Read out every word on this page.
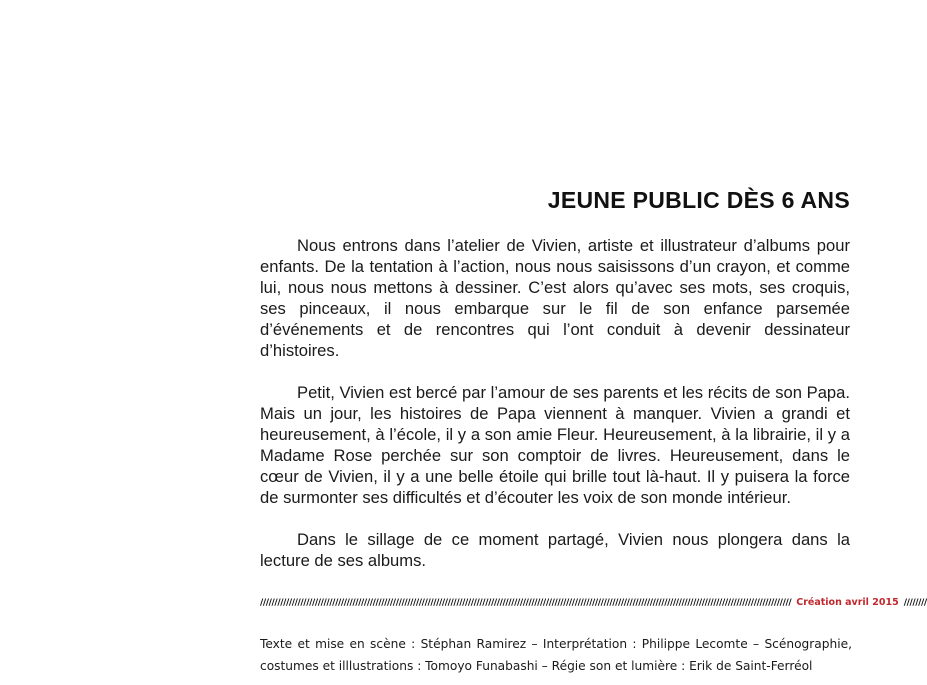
JEUNE PUBLIC DÈS 6 ANS

Nous entrons dans l’atelier de Vivien, artiste et illustrateur d’albums pour enfants. De la tentation à l’action, nous nous saisissons d’un crayon, et comme lui, nous nous mettons à dessiner. C’est alors qu’avec ses mots, ses croquis, ses pinceaux, il nous embarque sur le fil de son enfance parsemée d’événements et de rencontres qui l’ont conduit à devenir dessinateur d’histoires.

Petit, Vivien est bercé par l’amour de ses parents et les récits de son Papa. Mais un jour, les histoires de Papa viennent à manquer. Vivien a grandi et heureusement, à l’école, il y a son amie Fleur. Heureusement, à la librairie, il y a Madame Rose perchée sur son comptoir de livres. Heureusement, dans le cœur de Vivien, il y a une belle étoile qui brille tout là-haut. Il y puisera la force de surmonter ses difficultés et d’écouter les voix de son monde intérieur.

Dans le sillage de ce moment partagé, Vivien nous plongera dans la lecture de ses albums.

//////////////////////////////////////////////////////////////////////////////////////////////////////////////////////////////////////////////////////////////////////////////////////// Création avril 2015 ////////
Texte et mise en scène : Stéphan Ramirez – Interprétation : Philippe Lecomte – Scénographie, costumes et illlustrations : Tomoyo Funabashi – Régie son et lumière : Erik de Saint-Ferréol
